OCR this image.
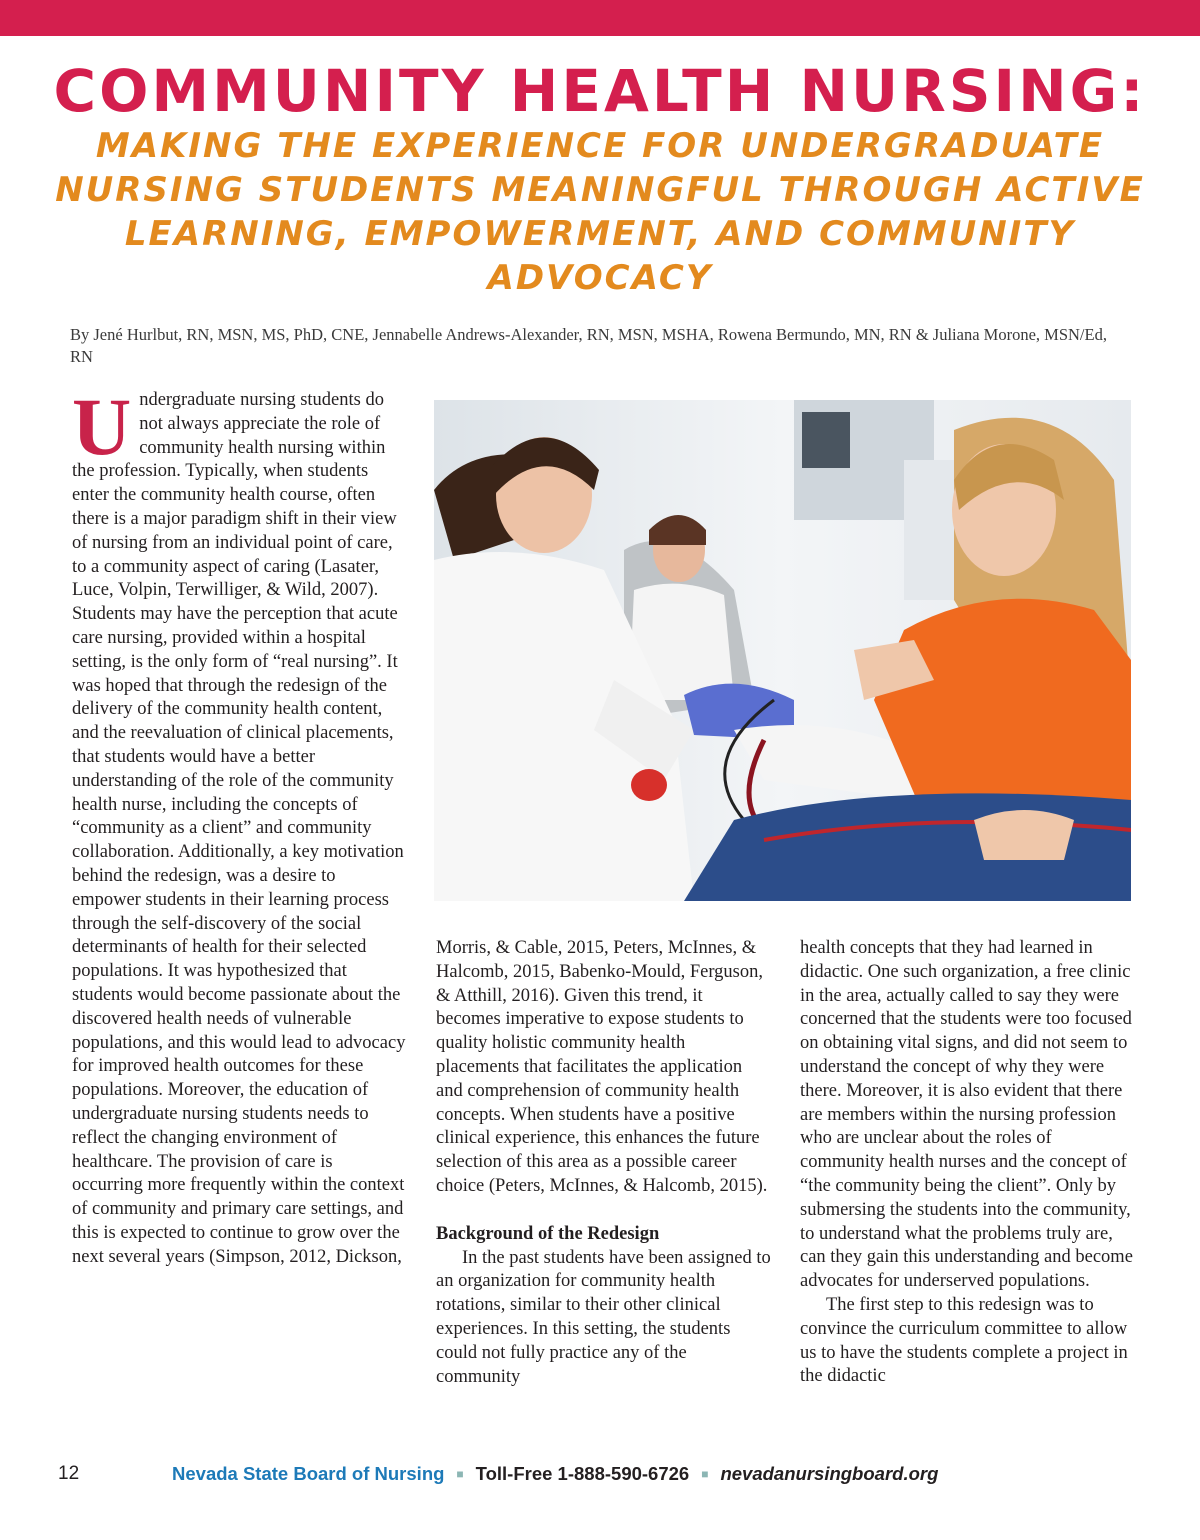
COMMUNITY HEALTH NURSING:
MAKING THE EXPERIENCE FOR UNDERGRADUATE NURSING STUDENTS MEANINGFUL THROUGH ACTIVE LEARNING, EMPOWERMENT, AND COMMUNITY ADVOCACY
By Jené Hurlbut, RN, MSN, MS, PhD, CNE, Jennabelle Andrews-Alexander, RN, MSN, MSHA, Rowena Bermundo, MN, RN & Juliana Morone, MSN/Ed, RN
U ndergraduate nursing students do not always appreciate the role of community health nursing within the profession. Typically, when students enter the community health course, often there is a major paradigm shift in their view of nursing from an individual point of care, to a community aspect of caring (Lasater, Luce, Volpin, Terwilliger, & Wild, 2007). Students may have the perception that acute care nursing, provided within a hospital setting, is the only form of “real nursing”. It was hoped that through the redesign of the delivery of the community health content, and the reevaluation of clinical placements, that students would have a better understanding of the role of the community health nurse, including the concepts of “community as a client” and community collaboration. Additionally, a key motivation behind the redesign, was a desire to empower students in their learning process through the self-discovery of the social determinants of health for their selected populations. It was hypothesized that students would become passionate about the discovered health needs of vulnerable populations, and this would lead to advocacy for improved health outcomes for these populations. Moreover, the education of undergraduate nursing students needs to reflect the changing environment of healthcare. The provision of care is occurring more frequently within the context of community and primary care settings, and this is expected to continue to grow over the next several years (Simpson, 2012, Dickson,

Morris, & Cable, 2015, Peters, McInnes, & Halcomb, 2015, Babenko-Mould, Ferguson, & Atthill, 2016). Given this trend, it becomes imperative to expose students to quality holistic community health placements that facilitates the application and comprehension of community health concepts. When students have a positive clinical experience, this enhances the future selection of this area as a possible career choice (Peters, McInnes, & Halcomb, 2015).

Background of the Redesign

In the past students have been assigned to an organization for community health rotations, similar to their other clinical experiences. In this setting, the students could not fully practice any of the community

health concepts that they had learned in didactic. One such organization, a free clinic in the area, actually called to say they were concerned that the students were too focused on obtaining vital signs, and did not seem to understand the concept of why they were there. Moreover, it is also evident that there are members within the nursing profession who are unclear about the roles of community health nurses and the concept of “the community being the client”. Only by submersing the students into the community, to understand what the problems truly are, can they gain this understanding and become advocates for underserved populations.

The first step to this redesign was to convince the curriculum committee to allow us to have the students complete a project in the didactic

12	Nevada State Board of Nursing ■ Toll-Free 1-888-590-6726 ■ nevadanursingboard.org
